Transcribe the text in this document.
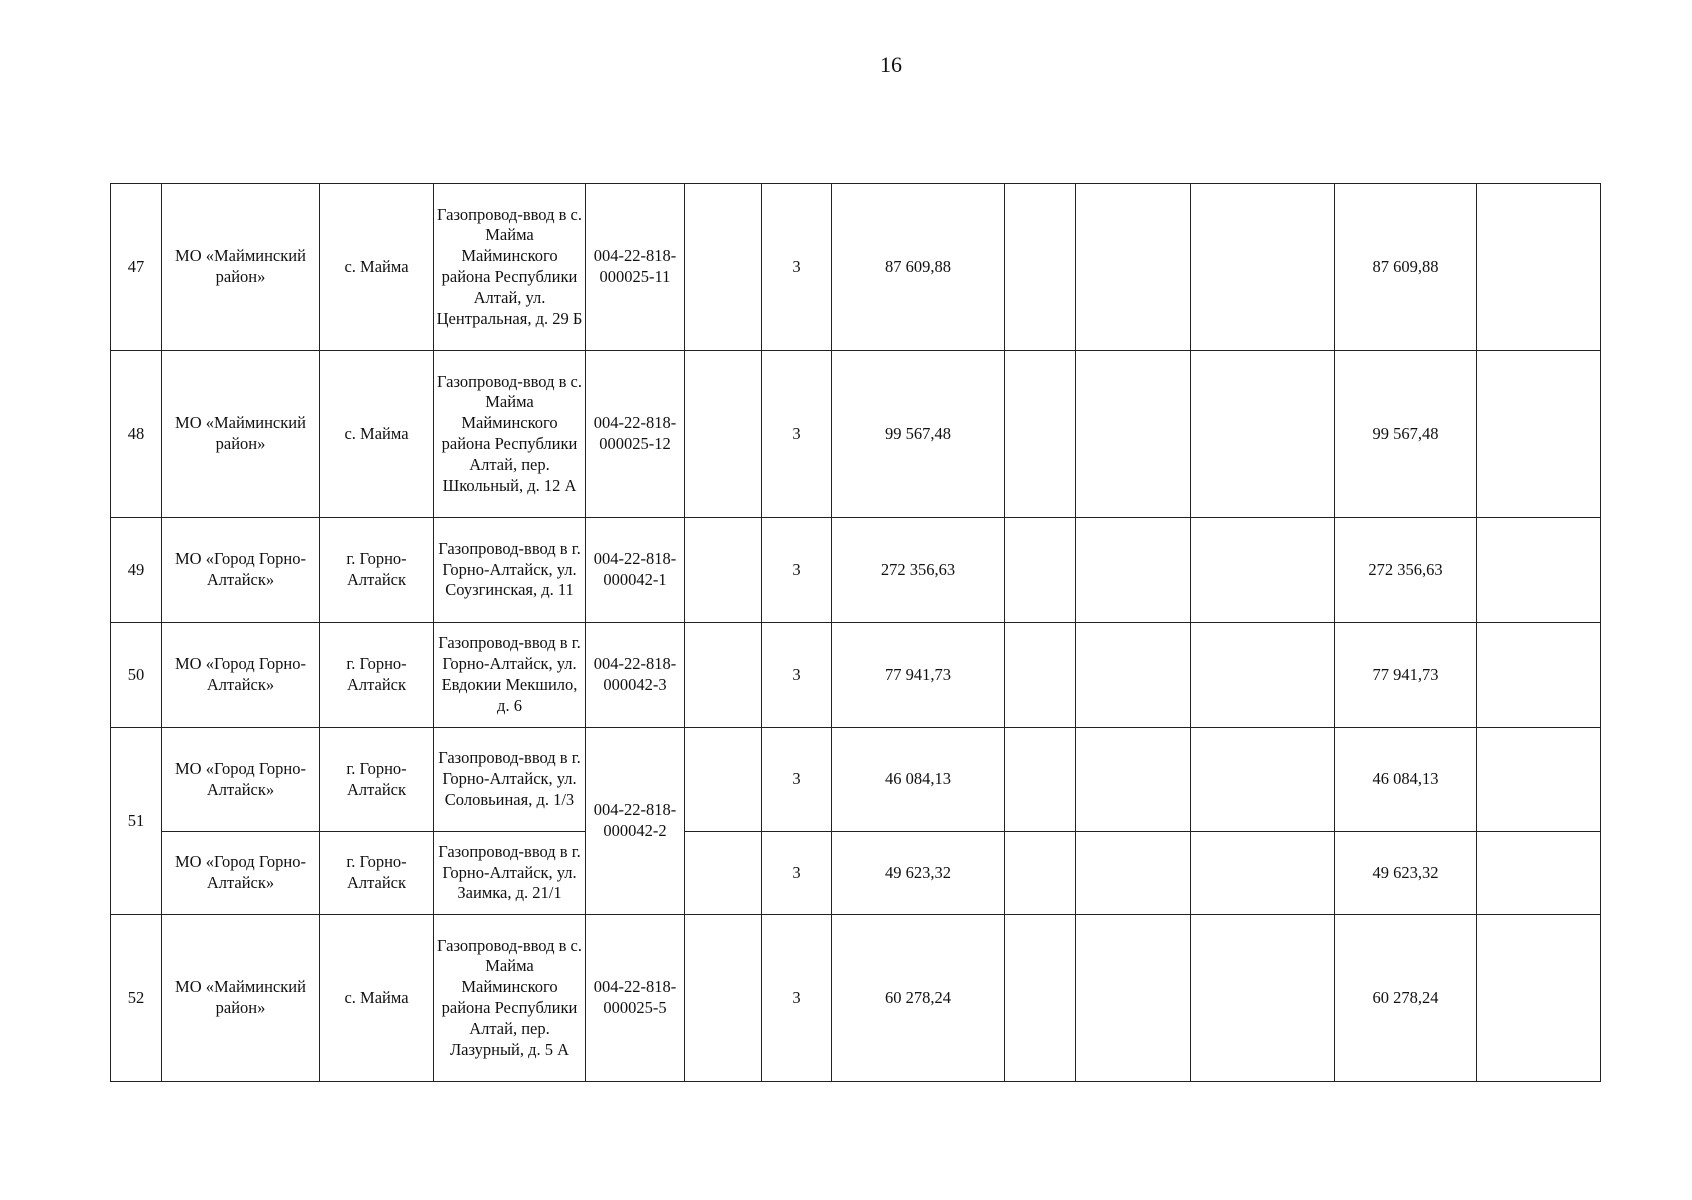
16
47	МО «Майминский район»	с. Майма	Газопровод-ввод в с. Майма Майминского района Республики Алтай, ул. Центральная, д. 29 Б	004-22-818-000025-11		3	87 609,88				87 609,88	
48	МО «Майминский район»	с. Майма	Газопровод-ввод в с. Майма Майминского района Республики Алтай, пер. Школьный, д. 12 А	004-22-818-000025-12		3	99 567,48				99 567,48	
49	МО «Город Горно-Алтайск»	г. Горно-Алтайск	Газопровод-ввод в г. Горно-Алтайск, ул. Соузгинская, д. 11	004-22-818-000042-1		3	272 356,63				272 356,63	
50	МО «Город Горно-Алтайск»	г. Горно-Алтайск	Газопровод-ввод в г. Горно-Алтайск, ул. Евдокии Мекшило, д. 6	004-22-818-000042-3		3	77 941,73				77 941,73	
51	МО «Город Горно-Алтайск»	г. Горно-Алтайск	Газопровод-ввод в г. Горно-Алтайск, ул. Соловьиная, д. 1/3	004-22-818-000042-2		3	46 084,13				46 084,13	
	МО «Город Горно-Алтайск»	г. Горно-Алтайск	Газопровод-ввод в г. Горно-Алтайск, ул. Заимка, д. 21/1			3	49 623,32				49 623,32	
52	МО «Майминский район»	с. Майма	Газопровод-ввод в с. Майма Майминского района Республики Алтай, пер. Лазурный, д. 5 А	004-22-818-000025-5		3	60 278,24				60 278,24	
